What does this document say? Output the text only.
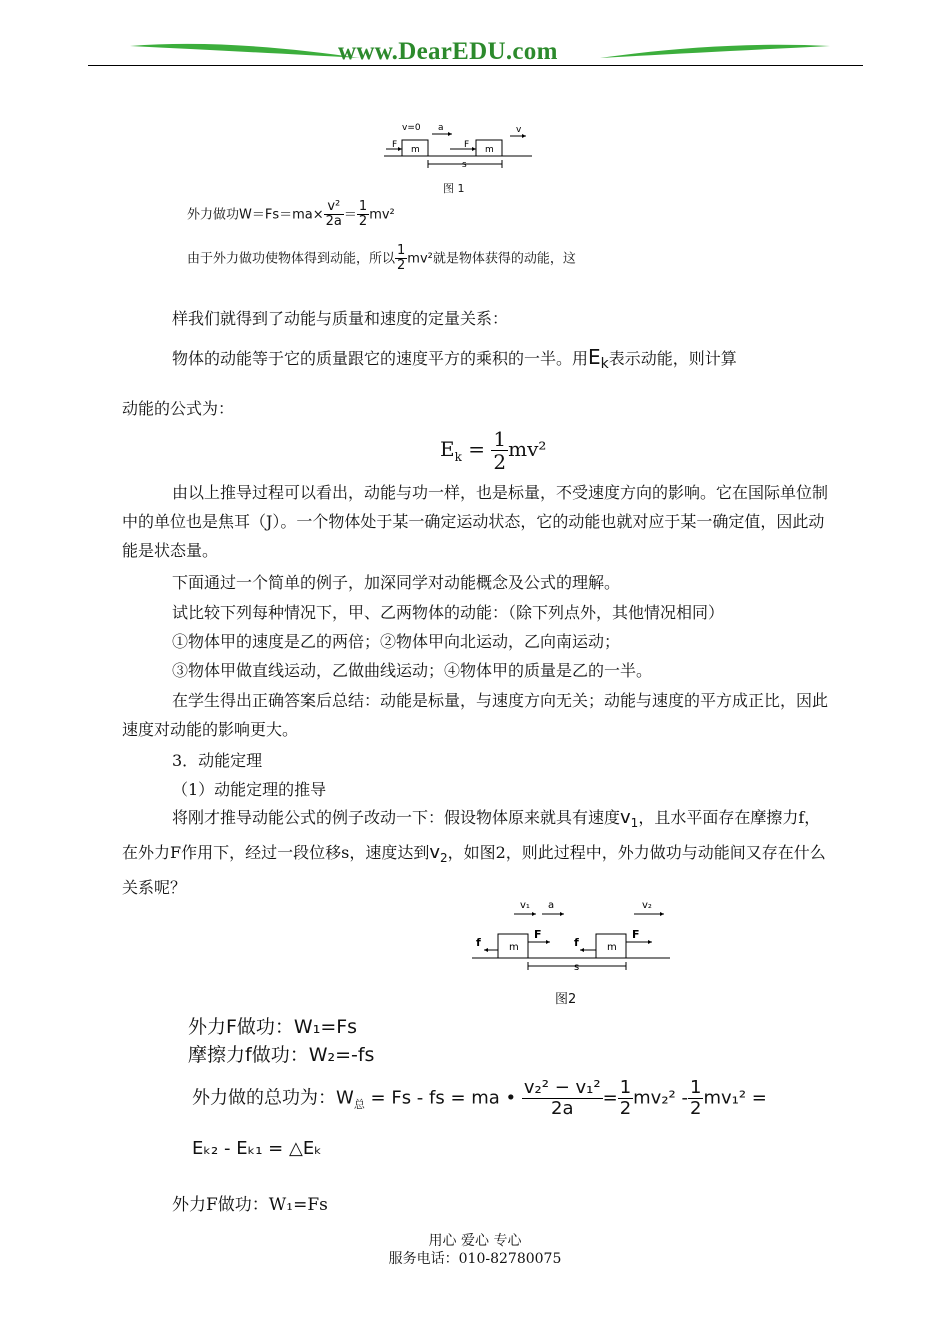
www.DearEDU.com
v=0 a
F	F
m	m
v
s
图 1
外力做功$W=Fs=ma\times \frac{\text{v²}}{2a} = \frac{1}{2} mv^2$
由于外力做功使物体得到动能，所以 $\frac{1}{2} mv^2$就是物体获得的动能，这
样我们就得到了动能与质量和速度的定量关系：
物体的动能等于它的质量跟它的速度平方的乘积的一半。用$E_k$表示动能，则计算
动能的公式为：
$E_k = \frac{1}{2} mv^2$
由以上推导过程可以看出，动能与功一样，也是标量，不受速度方向的影响。它在国际单位制中的单位也是焦耳（J）。一个物体处于某一确定运动状态，它的动能也就对应于某一确定值，因此动能是状态量。
下面通过一个简单的例子，加深同学对动能概念及公式的理解。
试比较下列每种情况下，甲、乙两物体的动能：（除下列点外，其他情况相同）
①物体甲的速度是乙的两倍；②物体甲向北运动，乙向南运动；
③物体甲做直线运动，乙做曲线运动；④物体甲的质量是乙的一半。
在学生得出正确答案后总结：动能是标量，与速度方向无关；动能与速度的平方成正比，因此速度对动能的影响更大。
3．动能定理
（1）动能定理的推导
将刚才推导动能公式的例子改动一下：假设物体原来就具有速度$v_1$，且水平面存在摩擦力f，在外力F作用下，经过一段位移s，速度达到$v_2$，如图2，则此过程中，外力做功与动能间又存在什么关系呢？
v₁ a	v₂
f
F
f
F
m	m
s
图2
外力F做功：W₁=Fs
摩擦力f做功：W₂=-fs
外力做的总功为：$W_总 = Fs$ - fs = ma • $\frac{\text{v₂² − v₁²}}{2a} = \frac{1}{2} mv_2^2 - \frac{1}{2} mv_1^2$ =
Eₖ₂ - Eₖ₁ = △Eₖ
外力F做功：W₁=Fs
用心 爱心 专心
服务电话：010-82780075
